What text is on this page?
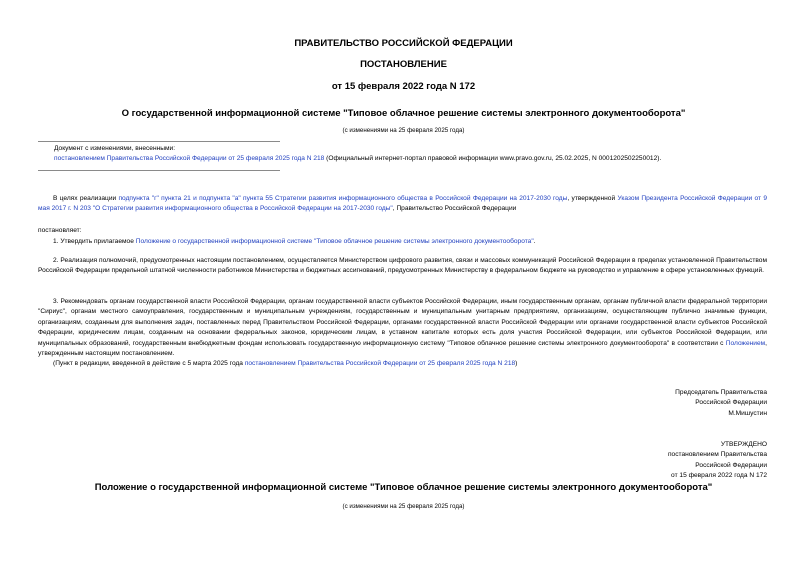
ПРАВИТЕЛЬСТВО РОССИЙСКОЙ ФЕДЕРАЦИИ
ПОСТАНОВЛЕНИЕ
от 15 февраля 2022 года N 172
О государственной информационной системе "Типовое облачное решение системы электронного документооборота"
(с изменениями на 25 февраля 2025 года)
Документ с изменениями, внесенными:
постановлением Правительства Российской Федерации от 25 февраля 2025 года N 218 (Официальный интернет-портал правовой информации www.pravo.gov.ru, 25.02.2025, N 0001202502250012).

В целях реализации подпункта "г" пункта 21 и подпункта "а" пункта 55 Стратегии развития информационного общества в Российской Федерации на 2017-2030 годы, утвержденной Указом Президента Российской Федерации от 9 мая 2017 г. N 203 "О Стратегии развития информационного общества в Российской Федерации на 2017-2030 годы", Правительство Российской Федерации

постановляет:

1. Утвердить прилагаемое Положение о государственной информационной системе "Типовое облачное решение системы электронного документооборота".

2. Реализация полномочий, предусмотренных настоящим постановлением, осуществляется Министерством цифрового развития, связи и массовых коммуникаций Российской Федерации в пределах установленной Правительством Российской Федерации предельной штатной численности работников Министерства и бюджетных ассигнований, предусмотренных Министерству в федеральном бюджете на руководство и управление в сфере установленных функций.

3. Рекомендовать органам государственной власти Российской Федерации, органам государственной власти субъектов Российской Федерации, иным государственным органам, органам публичной власти федеральной территории "Сириус", органам местного самоуправления, государственным и муниципальным учреждениям, государственным и муниципальным унитарным предприятиям, организациям, осуществляющим публично значимые функции, организациям, созданным для выполнения задач, поставленных перед Правительством Российской Федерации, органами государственной власти Российской Федерации или органами государственной власти субъектов Российской Федерации, юридическим лицам, созданным на основании федеральных законов, юридическим лицам, в уставном капитале которых есть доля участия Российской Федерации, или субъектов Российской Федерации, или муниципальных образований, государственным внебюджетным фондам использовать государственную информационную систему "Типовое облачное решение системы электронного документооборота" в соответствии с Положением, утвержденным настоящим постановлением.

(Пункт в редакции, введенной в действие с 5 марта 2025 года постановлением Правительства Российской Федерации от 25 февраля 2025 года N 218)

Председатель Правительства
Российской Федерации
М.Мишустин
УТВЕРЖДЕНО
постановлением Правительства
Российской Федерации
от 15 февраля 2022 года N 172
Положение о государственной информационной системе "Типовое облачное решение системы электронного документооборота"
(с изменениями на 25 февраля 2025 года)
